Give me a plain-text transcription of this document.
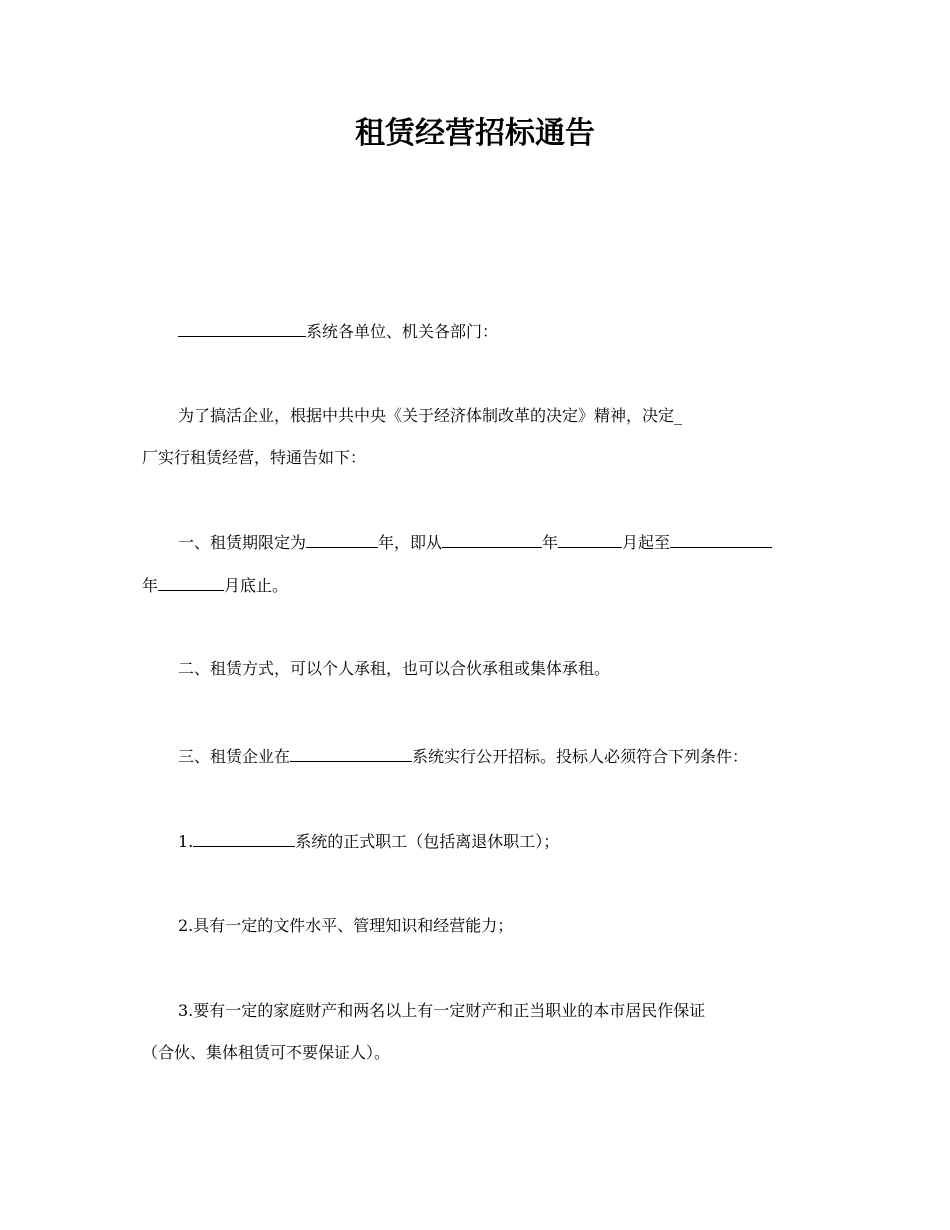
租赁经营招标通告
系统各单位、机关各部门：
为了搞活企业，根据中共中央《关于经济体制改革的决定》精神，决定_
厂实行租赁经营，特通告如下：
一、租赁期限定为	年，即从	年	月起至
年	月底止。
二、租赁方式，可以个人承租，也可以合伙承租或集体承租。
三、租赁企业在	系统实行公开招标。投标人必须符合下列条件：
1.	系统的正式职工（包括离退休职工）；
2.具有一定的文件水平、管理知识和经营能力；
3.要有一定的家庭财产和两名以上有一定财产和正当职业的本市居民作保证
（合伙、集体租赁可不要保证人）。
